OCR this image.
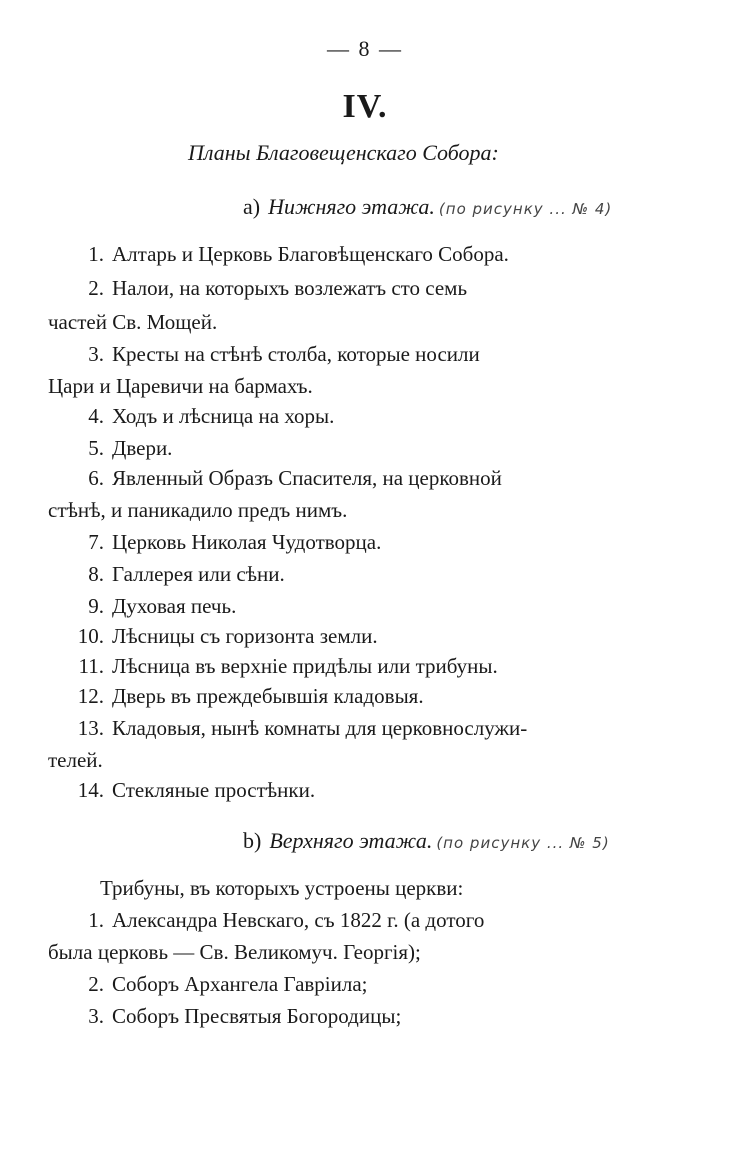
— 8 —
IV.
Планы Благовещенскаго Собора:
a) Нижняго этажа. (по рисунку ... № 4)
1. Алтарь и Церковь Благовѣщенскаго Собора.
2. Налои, на которыхъ возлежатъ сто семь
частей Св. Мощей.
3. Кресты на стѣнѣ столба, которые носили
Цари и Царевичи на бармахъ.
4. Ходъ и лѣсница на хоры.
5. Двери.
6. Явленный Образъ Спасителя, на церковной
стѣнѣ, и паникадило предъ нимъ.
7. Церковь Николая Чудотворца.
8. Галлерея или сѣни.
9. Духовая печь.
10. Лѣсницы съ горизонта земли.
11. Лѣсница въ верхніе придѣлы или трибуны.
12. Дверь въ преждебывшія кладовыя.
13. Кладовыя, нынѣ комнаты для церковнослужи-
телей.
14. Стекляные простѣнки.
b) Верхняго этажа. (по рисунку ... № 5)
Трибуны, въ которыхъ устроены церкви:
1. Александра Невскаго, съ 1822 г. (а дотого
была церковь — Св. Великомуч. Георгія);
2. Соборъ Архангела Гавріила;
3. Соборъ Пресвятыя Богородицы;
